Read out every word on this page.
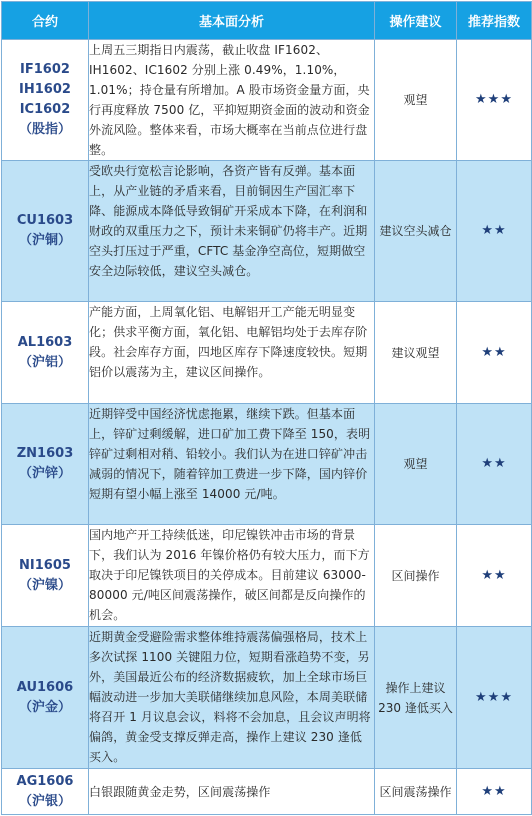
合约	基本面分析	操作建议	推荐指数

IF1602
IH1602
IC1602
（股指）	上周五三期指日内震荡，截止收盘 IF1602、IH1602、IC1602 分别上涨 0.49%，1.10%，1.01%；持仓量有所增加。A 股市场资金量方面，央行再度释放 7500 亿，平抑短期资金面的波动和资金外流风险。整体来看，市场大概率在当前点位进行盘整。	观望	★★★

CU1603
（沪铜）	受欧央行宽松言论影响，各资产皆有反弹。基本面上，从产业链的矛盾来看，目前铜因生产国汇率下降、能源成本降低导致铜矿开采成本下降，在利润和财政的双重压力之下，预计未来铜矿仍将丰产。近期空头打压过于严重，CFTC 基金净空高位，短期做空安全边际较低，建议空头减仓。	建议空头减仓	★★

AL1603
（沪铝）	产能方面，上周氧化铝、电解铝开工产能无明显变化；供求平衡方面，氧化铝、电解铝均处于去库存阶段。社会库存方面，四地区库存下降速度较快。短期铝价以震荡为主，建议区间操作。	建议观望	★★

ZN1603
（沪锌）	近期锌受中国经济忧虑拖累，继续下跌。但基本面上，锌矿过剩缓解，进口矿加工费下降至 150，表明锌矿过剩相对稍、铅较小。我们认为在进口锌矿冲击减弱的情况下，随着锌加工费进一步下降，国内锌价短期有望小幅上涨至 14000 元/吨。	观望	★★

NI1605
（沪镍）	国内地产开工持续低迷，印尼镍铁冲击市场的背景下，我们认为 2016 年镍价格仍有较大压力，而下方取决于印尼镍铁项目的关停成本。目前建议 63000-80000 元/吨区间震荡操作，破区间都是反向操作的机会。	区间操作	★★

AU1606
（沪金）	近期黄金受避险需求整体维持震荡偏强格局，技术上多次试探 1100 关键阻力位，短期看涨趋势不变，另外，美国最近公布的经济数据疲软，加上全球市场巨幅波动进一步加大美联储继续加息风险，本周美联储将召开 1 月议息会议，料将不会加息，且会议声明将偏鸽，黄金受支撑反弹走高，操作上建议 230 逢低买入。	操作上建议 230 逢低买入	★★★

AG1606
（沪银）	白银跟随黄金走势，区间震荡操作	区间震荡操作	★★
